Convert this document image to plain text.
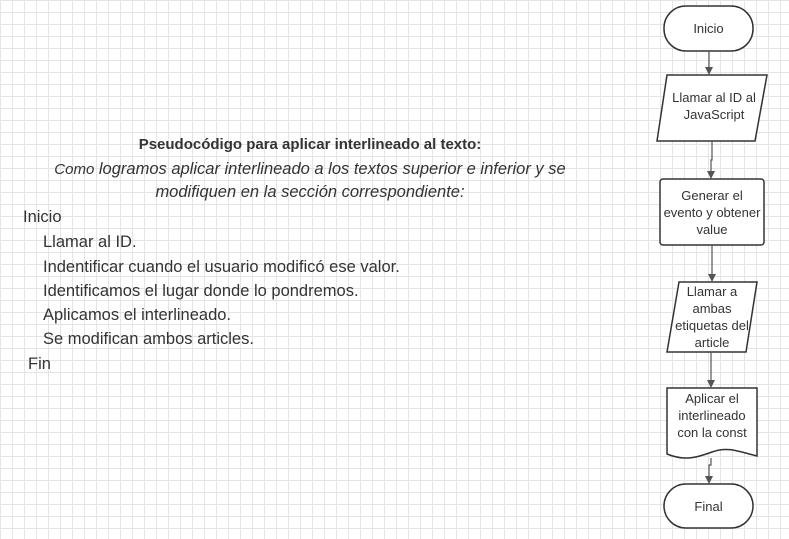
Pseudocódigo para aplicar interlineado al texto:
Como logramos aplicar interlineado a los textos superior e inferior y se
modifiquen en la sección correspondiente:
Inicio
Llamar al ID.
Indentificar cuando el usuario modificó ese valor.
Identificamos el lugar donde lo pondremos.
Aplicamos el interlineado.
Se modifican ambos articles.
Fin
Inicio
Llamar al ID al JavaScript
Generar el evento y obtener value
Llamar a ambas etiquetas del article
Aplicar el interlineado con la const
Final
